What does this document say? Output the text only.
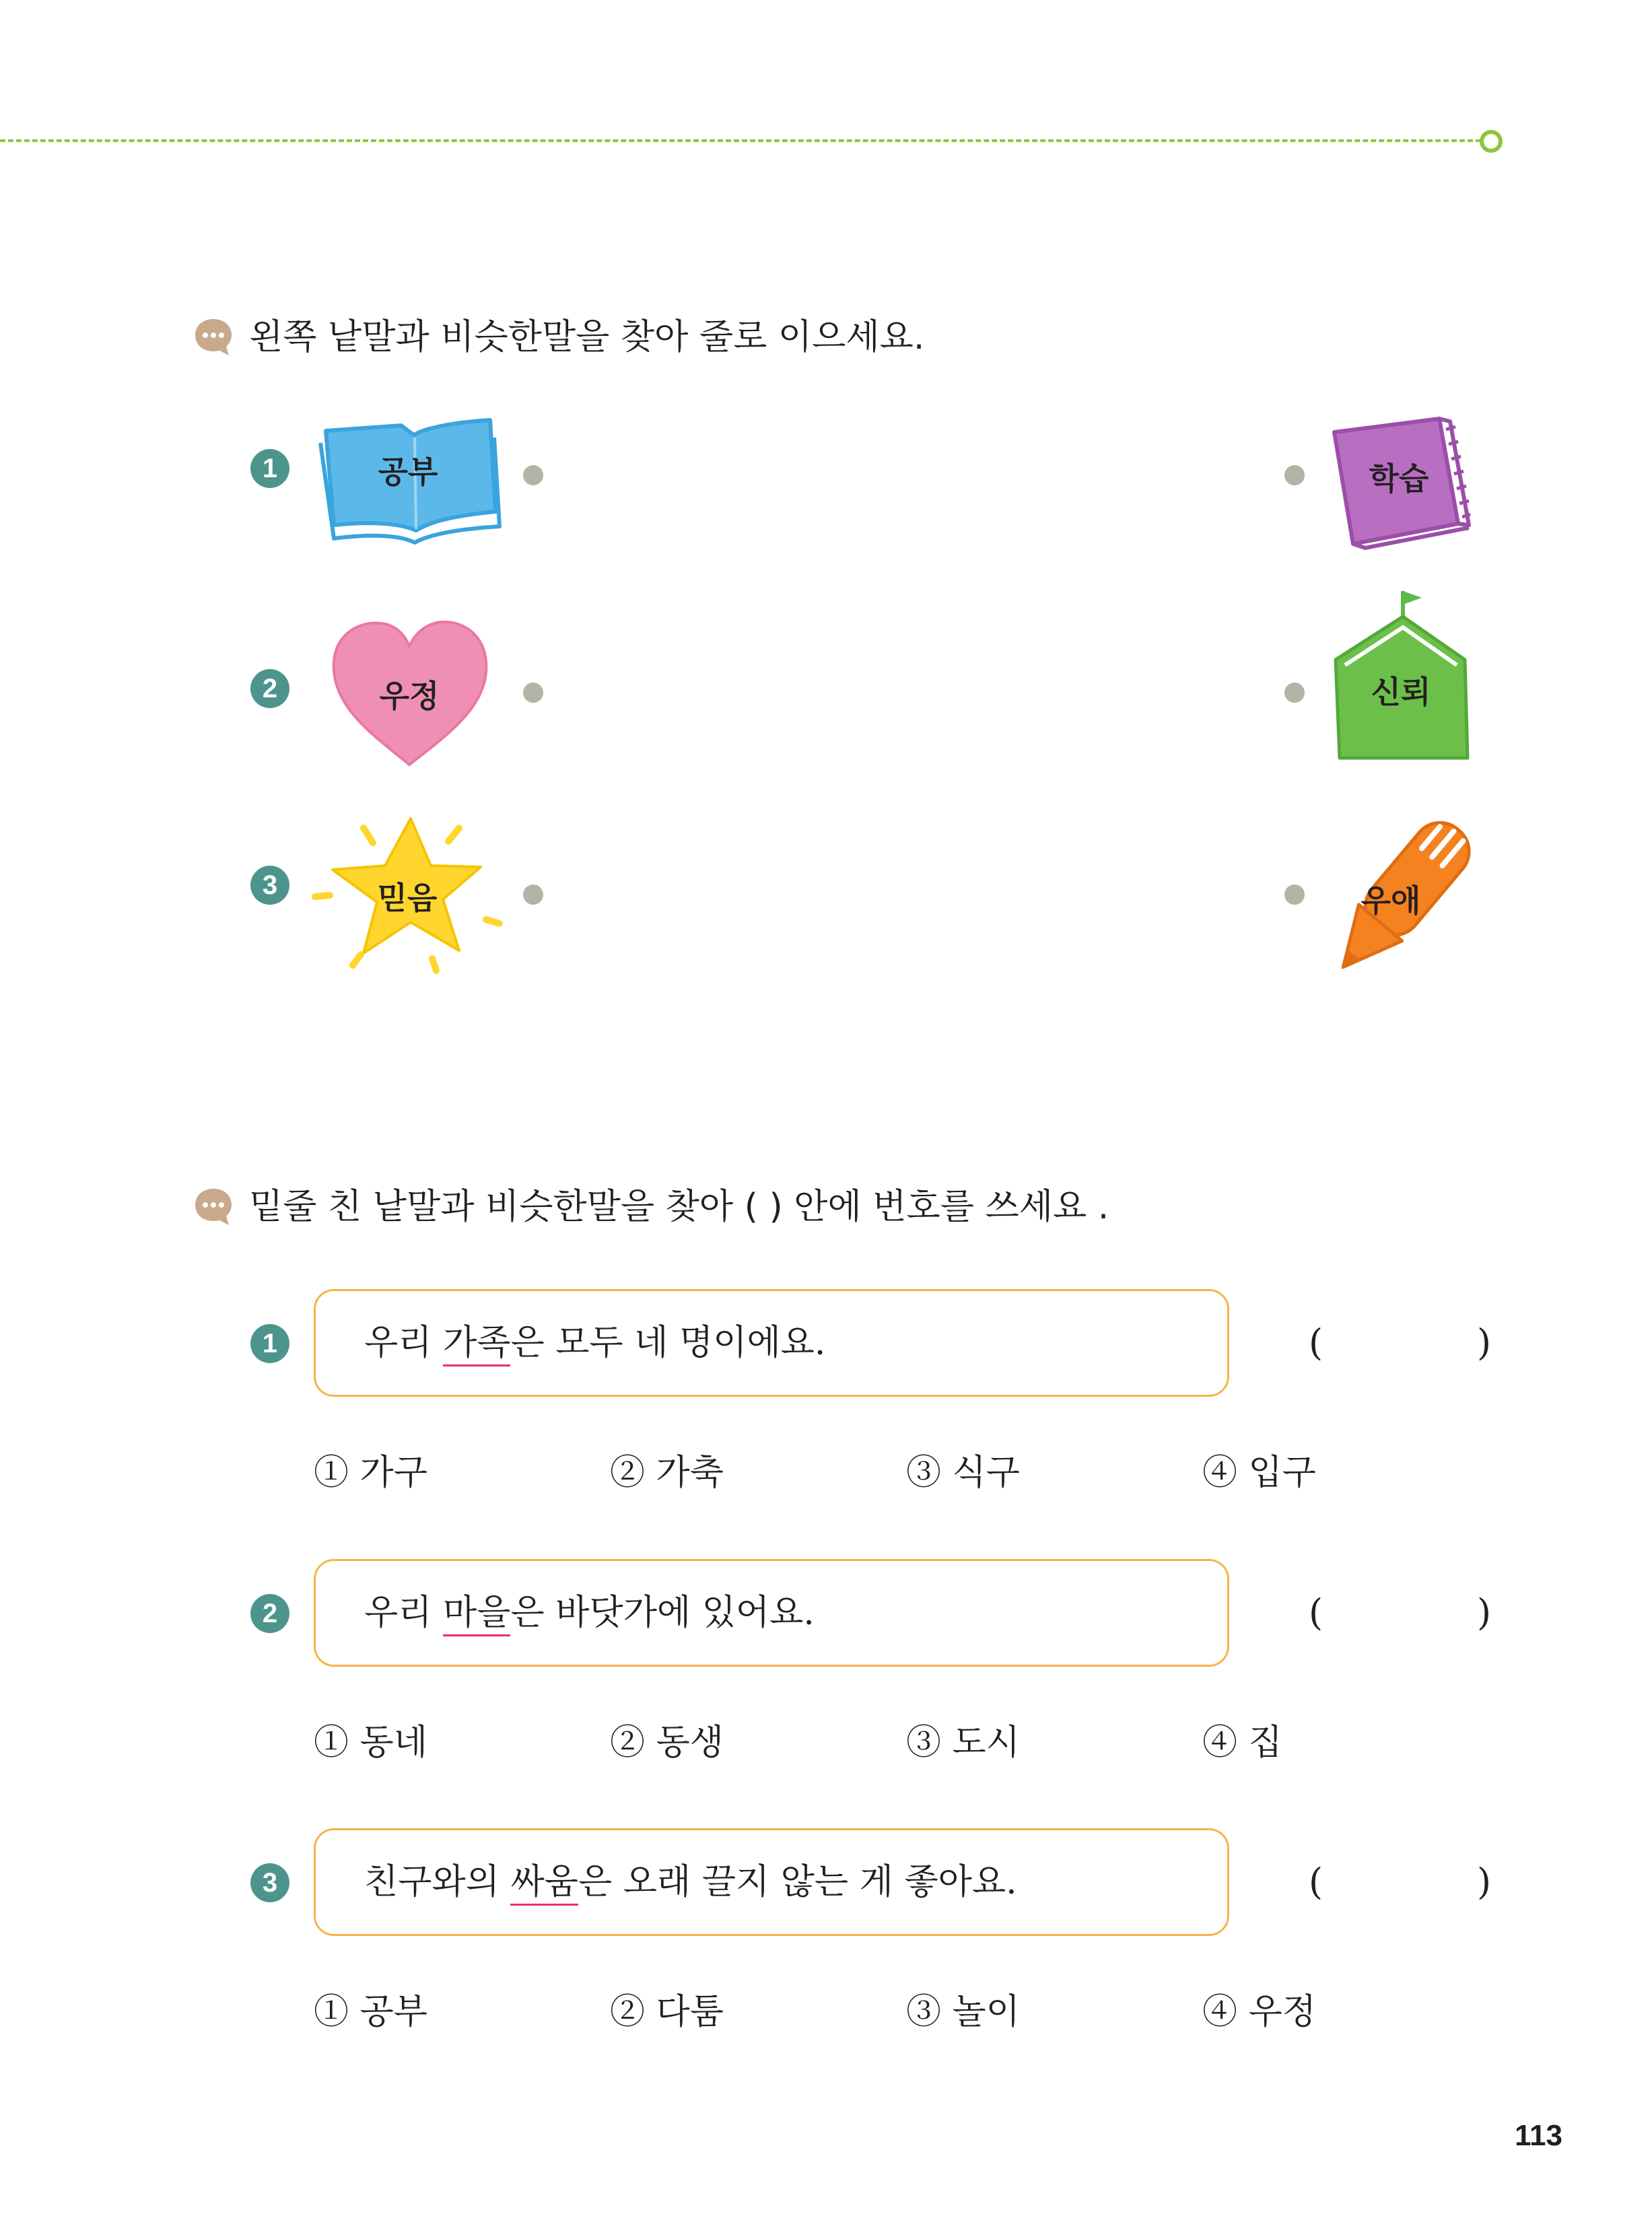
왼쪽 낱말과 비슷한말을 찾아 줄로 이으세요.
1	공부	학습
2	우정	신뢰
3	믿음	우애
밑줄 친 낱말과 비슷한말을 찾아 ( ) 안에 번호를 쓰세요 .
1	우리 가족은 모두 네 명이에요.	(	)
① 가구	② 가축	③ 식구	④ 입구
2	우리 마을은 바닷가에 있어요.	(	)
① 동네	② 동생	③ 도시	④ 집
3	친구와의 싸움은 오래 끌지 않는 게 좋아요.	(	)
① 공부	② 다툼	③ 놀이	④ 우정
113
